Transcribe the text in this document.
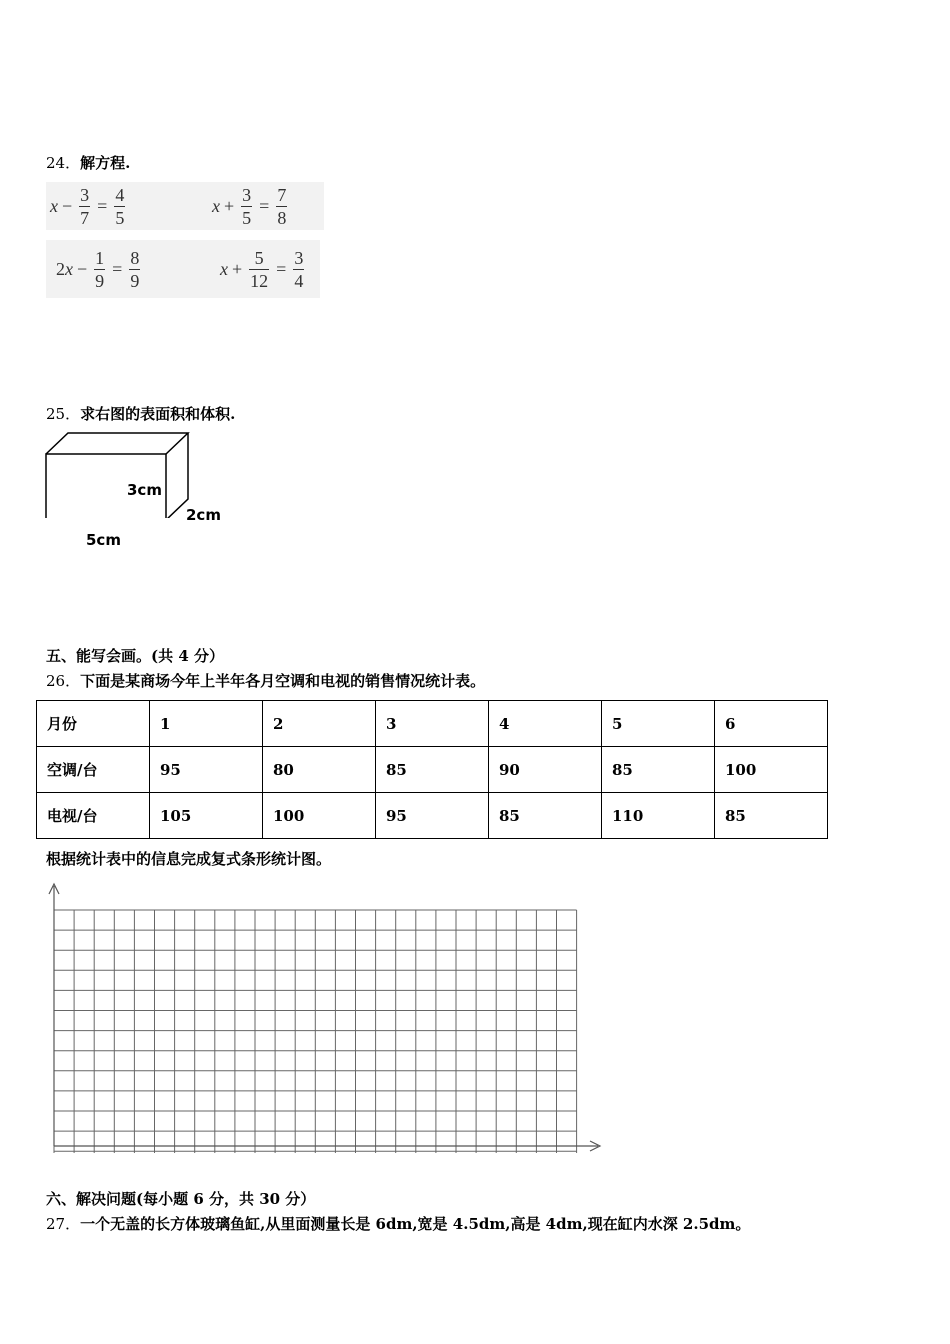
24．解方程.
$x - \frac{3}{7} = \frac{4}{5}$	$x + \frac{3}{5} = \frac{7}{8}$
2 $x - \frac{1}{9} = \frac{8}{9}$	$x + \frac{5}{12} = \frac{3}{4}$
25．求右图的表面积和体积.
3cm
2cm
5cm
五、能写会画。(共 4 分）
26．下面是某商场今年上半年各月空调和电视的销售情况统计表。
月份	1	2	3	4	5	6
空调/台	95	80	85	90	85	100
电视/台	105	100	95	85	110	85
根据统计表中的信息完成复式条形统计图。
六、解决问题(每小题 6 分，共 30 分）
27．一个无盖的长方体玻璃鱼缸,从里面测量长是 6dm,宽是 4.5dm,高是 4dm,现在缸内水深 2.5dm。
